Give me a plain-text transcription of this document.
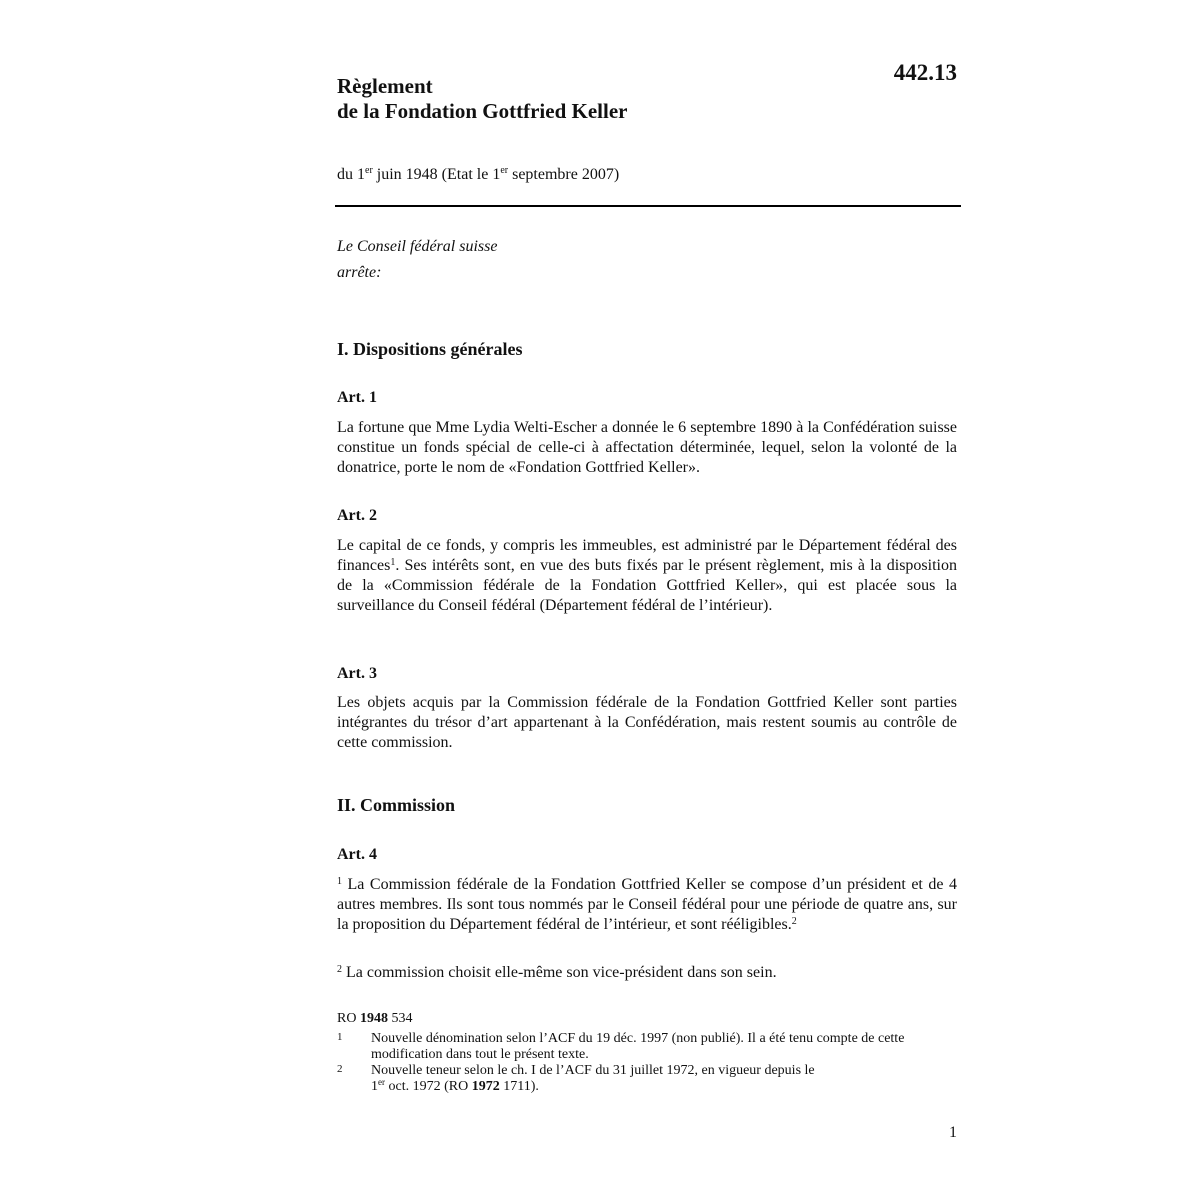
442.13
Règlement
de la Fondation Gottfried Keller
du 1er juin 1948 (Etat le 1er septembre 2007)
Le Conseil fédéral suisse
arrête:
I. Dispositions générales
Art. 1
La fortune que Mme Lydia Welti-Escher a donnée le 6 septembre 1890 à la Confédération suisse constitue un fonds spécial de celle-ci à affectation déterminée, lequel, selon la volonté de la donatrice, porte le nom de «Fondation Gottfried Keller».
Art. 2
Le capital de ce fonds, y compris les immeubles, est administré par le Département fédéral des finances$^1$. Ses intérêts sont, en vue des buts fixés par le présent règlement, mis à la disposition de la «Commission fédérale de la Fondation Gottfried Keller», qui est placée sous la surveillance du Conseil fédéral (Département fédéral de l’intérieur).
Art. 3
Les objets acquis par la Commission fédérale de la Fondation Gottfried Keller sont parties intégrantes du trésor d’art appartenant à la Confédération, mais restent soumis au contrôle de cette commission.
II. Commission
Art. 4
$^1$ La Commission fédérale de la Fondation Gottfried Keller se compose d’un président et de 4 autres membres. Ils sont tous nommés par le Conseil fédéral pour une période de quatre ans, sur la proposition du Département fédéral de l’intérieur, et sont rééligibles.$^2$
$^2$ La commission choisit elle-même son vice-président dans son sein.
RO 1948 534
1 Nouvelle dénomination selon l’ACF du 19 déc. 1997 (non publié). Il a été tenu compte de cette modification dans tout le présent texte.
2 Nouvelle teneur selon le ch. I de l’ACF du 31 juillet 1972, en vigueur depuis le
1er oct. 1972 (RO 1972 1711).
1
